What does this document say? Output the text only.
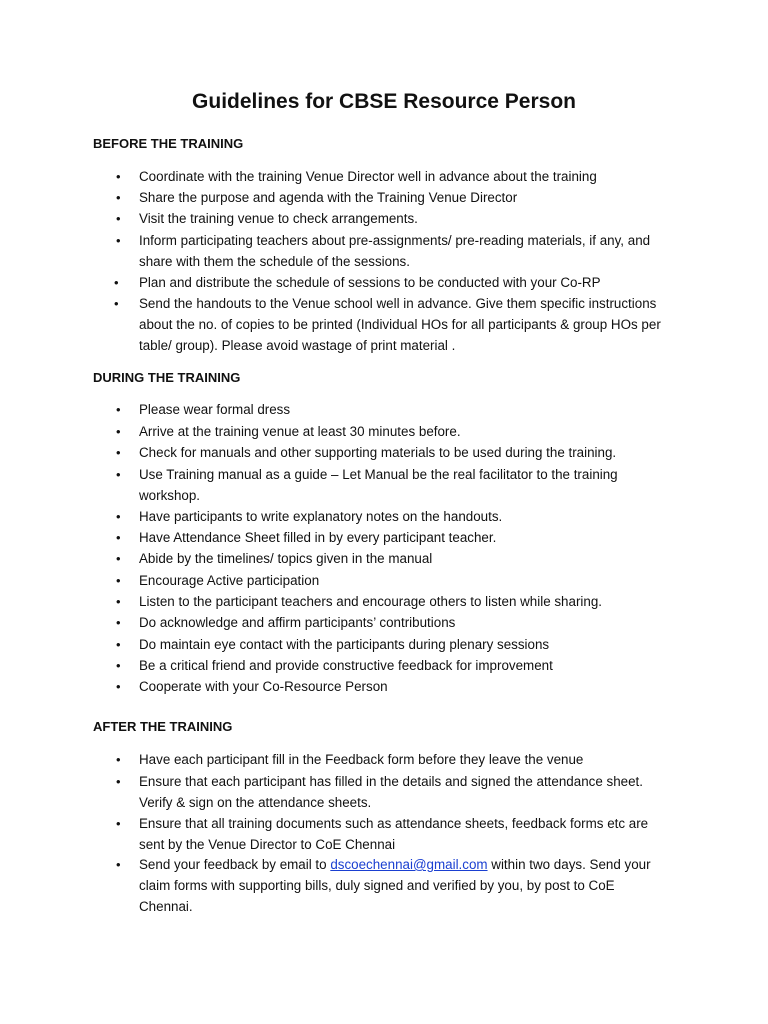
Guidelines for CBSE Resource Person
BEFORE THE TRAINING
• Coordinate with the training Venue Director well in advance about the training
• Share the purpose and agenda with the Training Venue Director
• Visit the training venue to check arrangements.
• Inform participating teachers about pre-assignments/ pre-reading materials, if any, and share with them the schedule of the sessions.
• Plan and distribute the schedule of sessions to be conducted with your Co-RP
• Send the handouts to the Venue school well in advance. Give them specific instructions about the no. of copies to be printed (Individual HOs for all participants & group HOs per table/ group). Please avoid wastage of print material .
DURING THE TRAINING
• Please wear formal dress
• Arrive at the training venue at least 30 minutes before.
• Check for manuals and other supporting materials to be used during the training.
• Use Training manual as a guide – Let Manual be the real facilitator to the training workshop.
• Have participants to write explanatory notes on the handouts.
• Have Attendance Sheet filled in by every participant teacher.
• Abide by the timelines/ topics given in the manual
• Encourage Active participation
• Listen to the participant teachers and encourage others to listen while sharing.
• Do acknowledge and affirm participants’ contributions
• Do maintain eye contact with the participants during plenary sessions
• Be a critical friend and provide constructive feedback for improvement
• Cooperate with your Co-Resource Person
AFTER THE TRAINING
• Have each participant fill in the Feedback form before they leave the venue
• Ensure that each participant has filled in the details and signed the attendance sheet. Verify & sign on the attendance sheets.
• Ensure that all training documents such as attendance sheets, feedback forms etc are sent by the Venue Director to CoE Chennai
• Send your feedback by email to dscoechennai@gmail.com within two days. Send your claim forms with supporting bills, duly signed and verified by you, by post to CoE Chennai.
